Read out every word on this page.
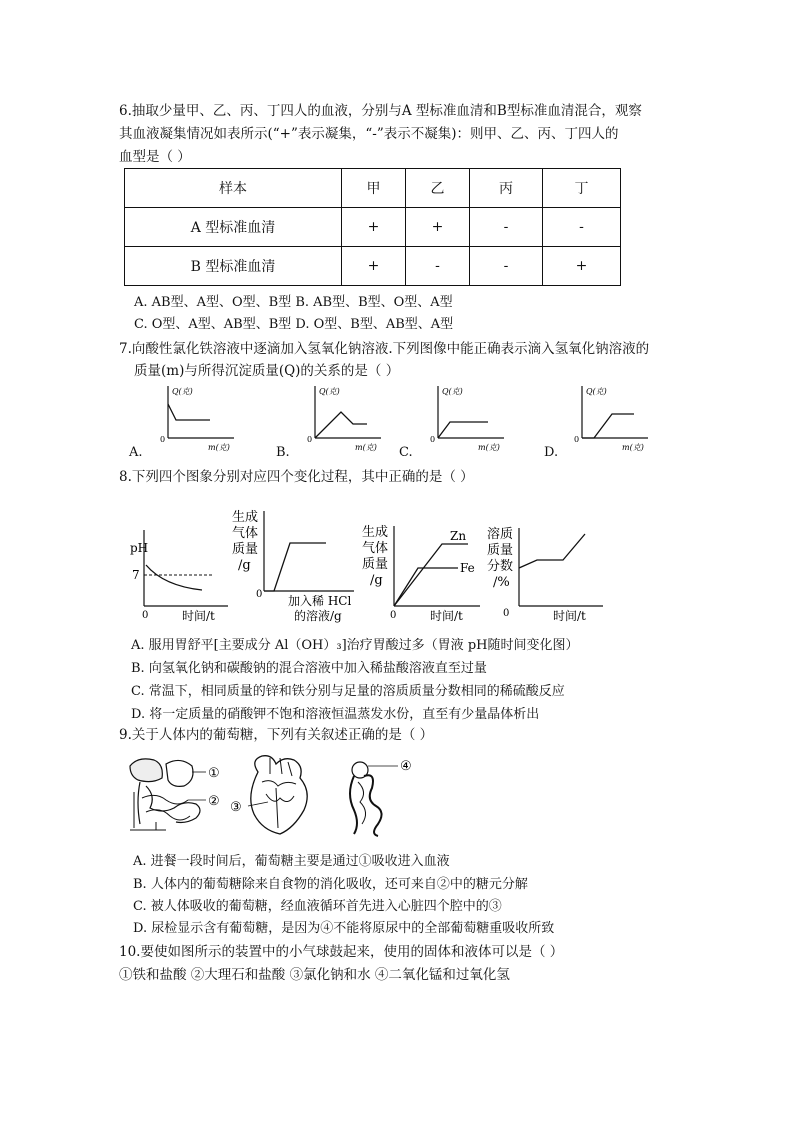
6.抽取少量甲、乙、丙、丁四人的血液，分别与A 型标准血清和B型标准血清混合，观察
其血液凝集情况如表所示(“+”表示凝集，“-”表示不凝集)：则甲、乙、丙、丁四人的
血型是（ ）
样本	甲	乙	丙	丁
A 型标准血清	+	+	-	-
B 型标准血清	+	-	-	+
A. AB型、A型、O型、B型 B. AB型、B型、O型、A型
C. O型、A型、AB型、B型 D. O型、B型、AB型、A型
7.向酸性氯化铁溶液中逐滴加入氢氧化钠溶液.下列图像中能正确表示滴入氢氧化钠溶液的
质量(m)与所得沉淀质量(Q)的关系的是（ ）
A.	B.	C.	D.
Q(克)
0
m(克)
Q(克)
0
m(克)
Q(克)
0
m(克)
Q(克)
0
m(克)
8.下列四个图象分别对应四个变化过程，其中正确的是（ ）
pH
7
0	时间/t
生成
气体
质量
/g
0 加入稀 HCl
的溶液/g
生成
气体
质量
/g
0	时间/t
Zn
Fe
溶质
质量
分数
/%
0	时间/t
A. 服用胃舒平[主要成分 Al（OH）₃]治疗胃酸过多（胃液 pH随时间变化图）
B. 向氢氧化钠和碳酸钠的混合溶液中加入稀盐酸溶液直至过量
C. 常温下，相同质量的锌和铁分别与足量的溶质质量分数相同的稀硫酸反应
D. 将一定质量的硝酸钾不饱和溶液恒温蒸发水份，直至有少量晶体析出
9.关于人体内的葡萄糖，下列有关叙述正确的是（ ）
①
② ③
④
A. 进餐一段时间后，葡萄糖主要是通过①吸收进入血液
B. 人体内的葡萄糖除来自食物的消化吸收，还可来自②中的糖元分解
C. 被人体吸收的葡萄糖，经血液循环首先进入心脏四个腔中的③
D. 尿检显示含有葡萄糖，是因为④不能将原尿中的全部葡萄糖重吸收所致
10.要使如图所示的装置中的小气球鼓起来，使用的固体和液体可以是（ ）
①铁和盐酸 ②大理石和盐酸 ③氯化钠和水 ④二氧化锰和过氧化氢
